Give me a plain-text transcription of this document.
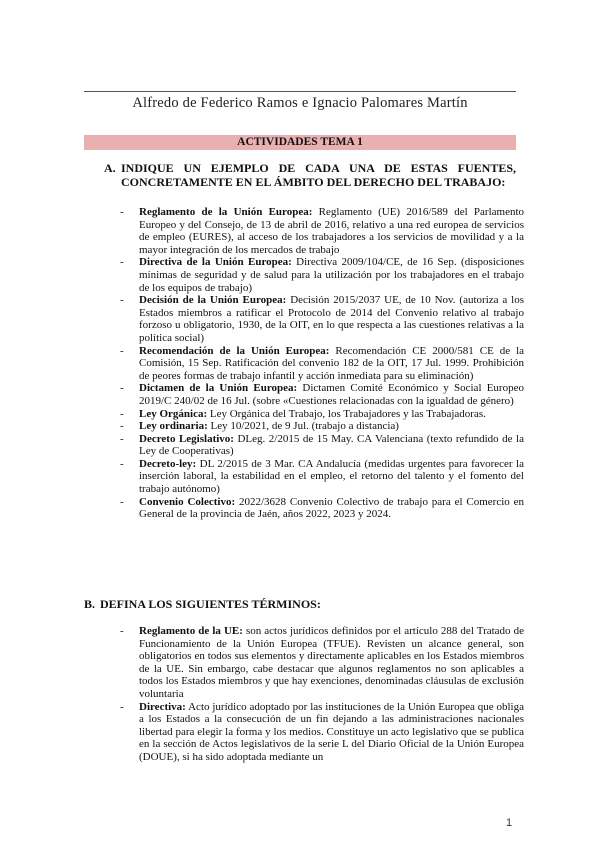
Alfredo de Federico Ramos e Ignacio Palomares Martín
ACTIVIDADES TEMA 1
A. INDIQUE UN EJEMPLO DE CADA UNA DE ESTAS FUENTES, CONCRETAMENTE EN EL ÁMBITO DEL DERECHO DEL TRABAJO:
- Reglamento de la Unión Europea: Reglamento (UE) 2016/589 del Parlamento Europeo y del Consejo, de 13 de abril de 2016, relativo a una red europea de servicios de empleo (EURES), al acceso de los trabajadores a los servicios de movilidad y a la mayor integración de los mercados de trabajo
- Directiva de la Unión Europea: Directiva 2009/104/CE, de 16 Sep. (disposiciones mínimas de seguridad y de salud para la utilización por los trabajadores en el trabajo de los equipos de trabajo)
- Decisión de la Unión Europea: Decisión 2015/2037 UE, de 10 Nov. (autoriza a los Estados miembros a ratificar el Protocolo de 2014 del Convenio relativo al trabajo forzoso u obligatorio, 1930, de la OIT, en lo que respecta a las cuestiones relativas a la política social)
- Recomendación de la Unión Europea: Recomendación CE 2000/581 CE de la Comisión, 15 Sep. Ratificación del convenio 182 de la OIT, 17 Jul. 1999. Prohibición de peores formas de trabajo infantil y acción inmediata para su eliminación)
- Dictamen de la Unión Europea: Dictamen Comité Económico y Social Europeo 2019/C 240/02 de 16 Jul. (sobre «Cuestiones relacionadas con la igualdad de género)
- Ley Orgánica: Ley Orgánica del Trabajo, los Trabajadores y las Trabajadoras.
- Ley ordinaria: Ley 10/2021, de 9 Jul. (trabajo a distancia)
- Decreto Legislativo: DLeg. 2/2015 de 15 May. CA Valenciana (texto refundido de la Ley de Cooperativas)
- Decreto-ley: DL 2/2015 de 3 Mar. CA Andalucía (medidas urgentes para favorecer la inserción laboral, la estabilidad en el empleo, el retorno del talento y el fomento del trabajo autónomo)
- Convenio Colectivo: 2022/3628 Convenio Colectivo de trabajo para el Comercio en General de la provincia de Jaén, años 2022, 2023 y 2024.
B. DEFINA LOS SIGUIENTES TÉRMINOS:
- Reglamento de la UE: son actos jurídicos definidos por el artículo 288 del Tratado de Funcionamiento de la Unión Europea (TFUE). Revisten un alcance general, son obligatorios en todos sus elementos y directamente aplicables en los Estados miembros de la UE. Sin embargo, cabe destacar que algunos reglamentos no son aplicables a todos los Estados miembros y que hay exenciones, denominadas cláusulas de exclusión voluntaria
- Directiva: Acto jurídico adoptado por las instituciones de la Unión Europea que obliga a los Estados a la consecución de un fin dejando a las administraciones nacionales libertad para elegir la forma y los medios. Constituye un acto legislativo que se publica en la sección de Actos legislativos de la serie L del Diario Oficial de la Unión Europea (DOUE), si ha sido adoptada mediante un
1
